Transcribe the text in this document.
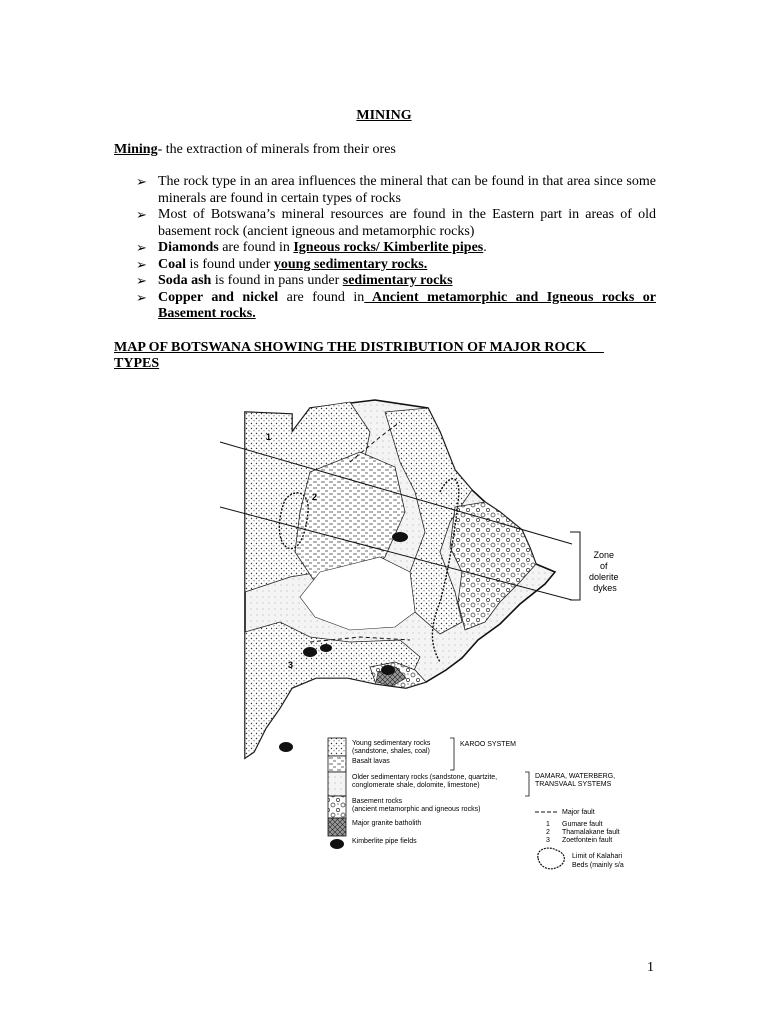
MINING

Mining- the extraction of minerals from their ores

➢ The rock type in an area influences the mineral that can be found in that area since some minerals are found in certain types of rocks
➢ Most of Botswana’s mineral resources are found in the Eastern part in areas of old basement rock (ancient igneous and metamorphic rocks)
➢ Diamonds are found in Igneous rocks/ Kimberlite pipes.
➢ Coal is found under young sedimentary rocks.
➢ Soda ash is found in pans under sedimentary rocks
➢ Copper and nickel are found in Ancient metamorphic and Igneous rocks or Basement rocks.
MAP OF BOTSWANA SHOWING THE DISTRIBUTION OF MAJOR ROCK
TYPES
1
2
3
Zone of dolerite dykes
Young sedimentary rocks (sandstone, shales, coal)
Basalt lavas
Older sedimentary rocks (sandstone, quartzite, conglomerate shale, dolomite, limestone)
Basement rocks (ancient metamorphic and igneous rocks)
Major granite batholith
Kimberlite pipe fields
KAROO SYSTEM
DAMARA, WATERBERG, TRANSVAAL SYSTEMS
Major fault
1 Gumare fault
2 Thamalakane fault
3 Zoetfontein fault
Limit of Kalahari Beds (mainly s/a
1
